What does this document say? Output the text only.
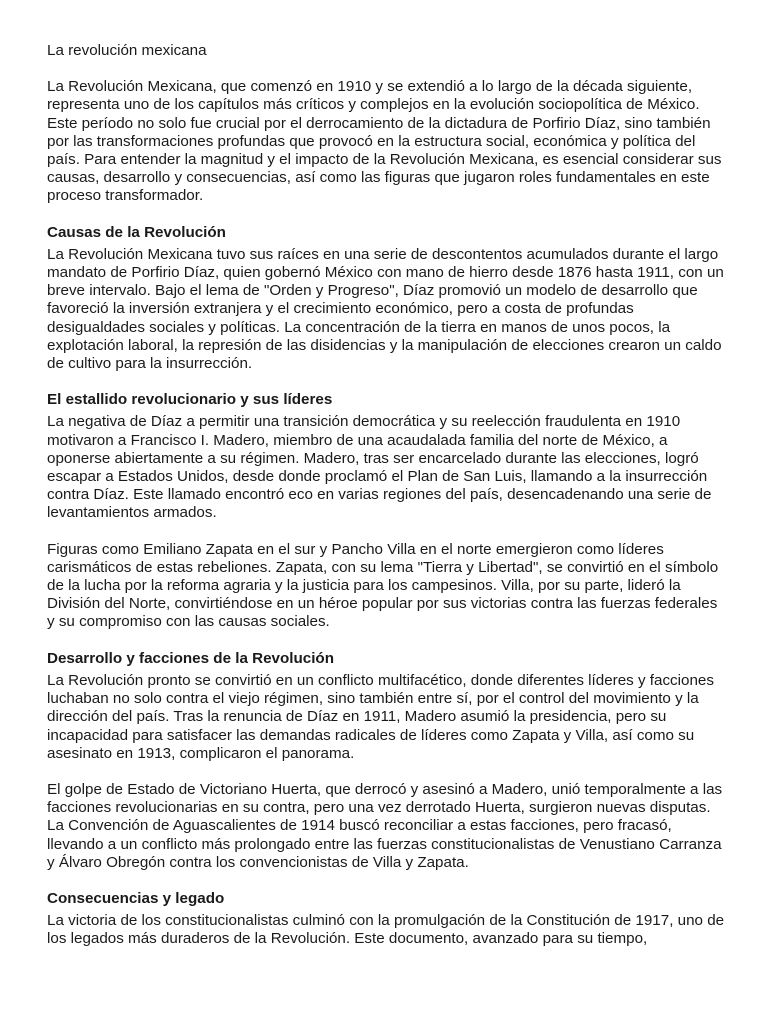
La revolución mexicana

La Revolución Mexicana, que comenzó en 1910 y se extendió a lo largo de la década siguiente, representa uno de los capítulos más críticos y complejos en la evolución sociopolítica de México. Este período no solo fue crucial por el derrocamiento de la dictadura de Porfirio Díaz, sino también por las transformaciones profundas que provocó en la estructura social, económica y política del país. Para entender la magnitud y el impacto de la Revolución Mexicana, es esencial considerar sus causas, desarrollo y consecuencias, así como las figuras que jugaron roles fundamentales en este proceso transformador.

Causas de la Revolución

La Revolución Mexicana tuvo sus raíces en una serie de descontentos acumulados durante el largo mandato de Porfirio Díaz, quien gobernó México con mano de hierro desde 1876 hasta 1911, con un breve intervalo. Bajo el lema de "Orden y Progreso", Díaz promovió un modelo de desarrollo que favoreció la inversión extranjera y el crecimiento económico, pero a costa de profundas desigualdades sociales y políticas. La concentración de la tierra en manos de unos pocos, la explotación laboral, la represión de las disidencias y la manipulación de elecciones crearon un caldo de cultivo para la insurrección.

El estallido revolucionario y sus líderes

La negativa de Díaz a permitir una transición democrática y su reelección fraudulenta en 1910 motivaron a Francisco I. Madero, miembro de una acaudalada familia del norte de México, a oponerse abiertamente a su régimen. Madero, tras ser encarcelado durante las elecciones, logró escapar a Estados Unidos, desde donde proclamó el Plan de San Luis, llamando a la insurrección contra Díaz. Este llamado encontró eco en varias regiones del país, desencadenando una serie de levantamientos armados.

Figuras como Emiliano Zapata en el sur y Pancho Villa en el norte emergieron como líderes carismáticos de estas rebeliones. Zapata, con su lema "Tierra y Libertad", se convirtió en el símbolo de la lucha por la reforma agraria y la justicia para los campesinos. Villa, por su parte, lideró la División del Norte, convirtiéndose en un héroe popular por sus victorias contra las fuerzas federales y su compromiso con las causas sociales.

Desarrollo y facciones de la Revolución

La Revolución pronto se convirtió en un conflicto multifacético, donde diferentes líderes y facciones luchaban no solo contra el viejo régimen, sino también entre sí, por el control del movimiento y la dirección del país. Tras la renuncia de Díaz en 1911, Madero asumió la presidencia, pero su incapacidad para satisfacer las demandas radicales de líderes como Zapata y Villa, así como su asesinato en 1913, complicaron el panorama.

El golpe de Estado de Victoriano Huerta, que derrocó y asesinó a Madero, unió temporalmente a las facciones revolucionarias en su contra, pero una vez derrotado Huerta, surgieron nuevas disputas. La Convención de Aguascalientes de 1914 buscó reconciliar a estas facciones, pero fracasó, llevando a un conflicto más prolongado entre las fuerzas constitucionalistas de Venustiano Carranza y Álvaro Obregón contra los convencionistas de Villa y Zapata.

Consecuencias y legado

La victoria de los constitucionalistas culminó con la promulgación de la Constitución de 1917, uno de los legados más duraderos de la Revolución. Este documento, avanzado para su tiempo,
